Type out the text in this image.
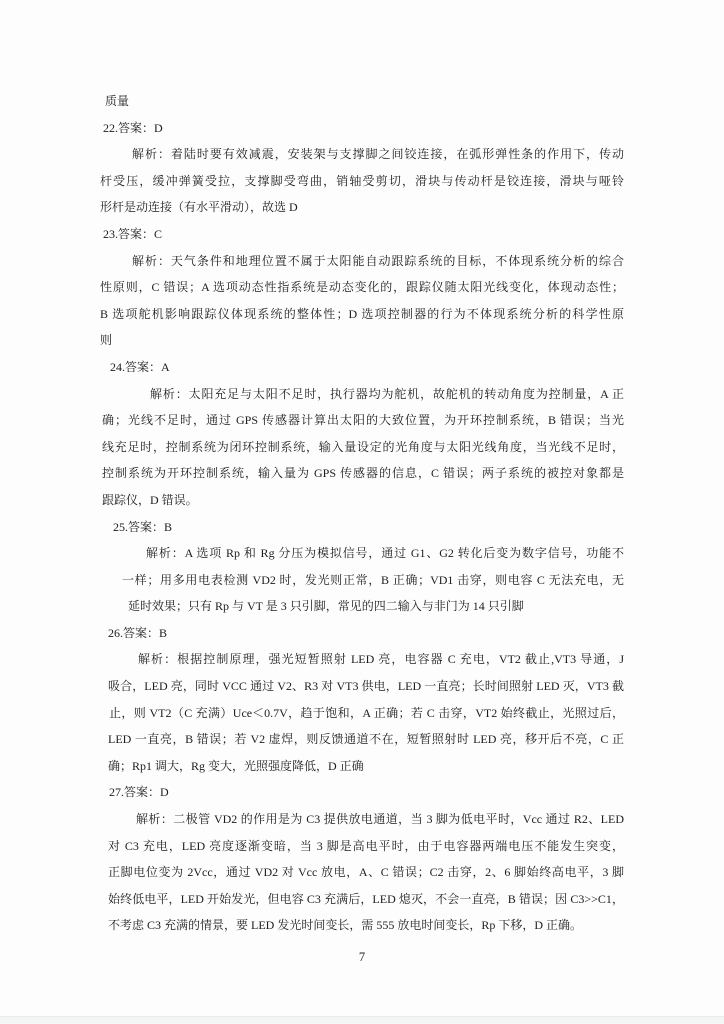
质量
22.答案：D
解析：着陆时要有效减震，安装架与支撑脚之间铰连接，在弧形弹性条的作用下，传动
杆受压，缓冲弹簧受拉，支撑脚受弯曲，销轴受剪切，滑块与传动杆是铰连接，滑块与哑铃
形杆是动连接（有水平滑动），故选 D
23.答案：C
解析：天气条件和地理位置不属于太阳能自动跟踪系统的目标，不体现系统分析的综合
性原则，C 错误；A 选项动态性指系统是动态变化的，跟踪仪随太阳光线变化，体现动态性；
B 选项舵机影响跟踪仪体现系统的整体性；D 选项控制器的行为不体现系统分析的科学性原
则
24.答案：A
解析：太阳充足与太阳不足时，执行器均为舵机，故舵机的转动角度为控制量，A 正
确；光线不足时，通过 GPS 传感器计算出太阳的大致位置，为开环控制系统，B 错误；当光
线充足时，控制系统为闭环控制系统，输入量设定的光角度与太阳光线角度，当光线不足时，
控制系统为开环控制系统，输入量为 GPS 传感器的信息，C 错误；两子系统的被控对象都是
跟踪仪，D 错误。
25.答案：B
解析：A 选项 Rp 和 Rg 分压为模拟信号，通过 G1、G2 转化后变为数字信号，功能不
一样；用多用电表检测 VD2 时，发光则正常，B 正确；VD1 击穿，则电容 C 无法充电，无
延时效果；只有 Rp 与 VT 是 3 只引脚，常见的四二输入与非门为 14 只引脚
26.答案：B
解析：根据控制原理，强光短暂照射 LED 亮，电容器 C 充电，VT2 截止,VT3 导通，J
吸合，LED 亮，同时 VCC 通过 V2、R3 对 VT3 供电，LED 一直亮；长时间照射 LED 灭，VT3 截
止，则 VT2（C 充满）Uce＜0.7V，趋于饱和，A 正确；若 C 击穿，VT2 始终截止，光照过后，
LED 一直亮，B 错误；若 V2 虚焊，则反馈通道不在，短暂照射时 LED 亮，移开后不亮，C 正
确；Rp1 调大，Rg 变大，光照强度降低，D 正确
27.答案：D
解析：二极管 VD2 的作用是为 C3 提供放电通道，当 3 脚为低电平时，Vcc 通过 R2、LED
对 C3 充电，LED 亮度逐渐变暗，当 3 脚是高电平时，由于电容器两端电压不能发生突变，
正脚电位变为 2Vcc，通过 VD2 对 Vcc 放电，A、C 错误；C2 击穿，2、6 脚始终高电平，3 脚
始终低电平，LED 开始发光，但电容 C3 充满后，LED 熄灭，不会一直亮，B 错误；因 C3>>C1，
不考虑 C3 充满的情景，要 LED 发光时间变长，需 555 放电时间变长，Rp 下移，D 正确。
7
